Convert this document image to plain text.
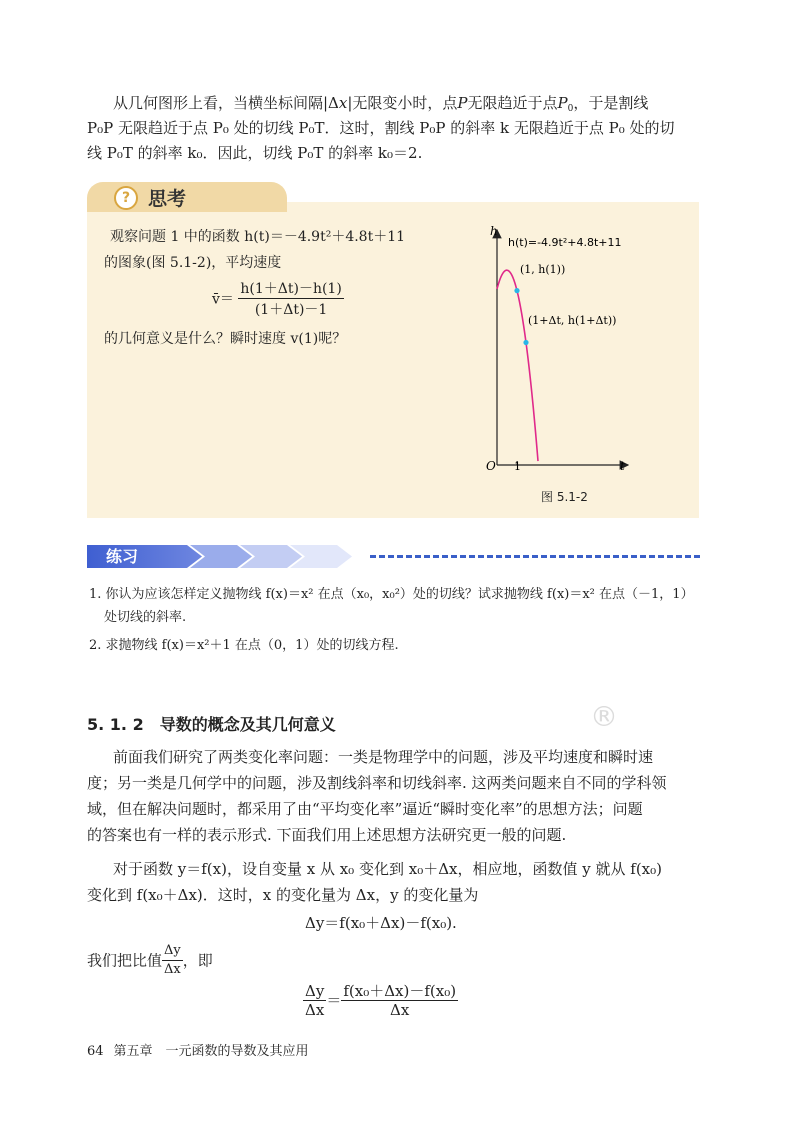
从几何图形上看，当横坐标间隔|Δx|无限变小时，点P无限趋近于点$P_0$，于是割线
P₀P 无限趋近于点 P₀ 处的切线 P₀T．这时，割线 P₀P 的斜率 k 无限趋近于点 P₀ 处的切
线 P₀T 的斜率 k₀．因此，切线 P₀T 的斜率 k₀＝2.
? 思考
观察问题 1 中的函数 h(t)＝－4.9t²＋4.8t＋11
的图象(图 5.1-2)，平均速度
v̄＝ $\frac{h(1+\Delta t)-h(1)}{(1+\Delta t)-1}$
的几何意义是什么？瞬时速度 v(1)呢？
h
t
O 1
h(t)=-4.9t²+4.8t+11
(1, h(1))
(1+Δt, h(1+Δt))
图 5.1-2
练习
1. 你认为应该怎样定义抛物线 f(x)＝x² 在点（x₀，x₀²）处的切线？试求抛物线 f(x)＝x² 在点（－1，1）
处切线的斜率.
2. 求抛物线 f(x)＝x²＋1 在点（0，1）处的切线方程.
®
5. 1. 2　导数的概念及其几何意义
前面我们研究了两类变化率问题：一类是物理学中的问题，涉及平均速度和瞬时速
度；另一类是几何学中的问题，涉及割线斜率和切线斜率. 这两类问题来自不同的学科领
域，但在解决问题时，都采用了由“平均变化率”逼近“瞬时变化率”的思想方法；问题
的答案也有一样的表示形式. 下面我们用上述思想方法研究更一般的问题.
对于函数 y＝f(x)，设自变量 x 从 x₀ 变化到 x₀＋Δx，相应地，函数值 y 就从 f(x₀)
变化到 f(x₀＋Δx)．这时，x 的变化量为 Δx，y 的变化量为
Δy＝f(x₀＋Δx)－f(x₀).
我们把比值 $\frac{\Delta y}{\Delta x}$ ，即
$\frac{\Delta y}{\Delta x} = \frac{\text{f(x₀＋Δx)－f(x₀)}}{\Delta x}$
64 第五章　一元函数的导数及其应用
